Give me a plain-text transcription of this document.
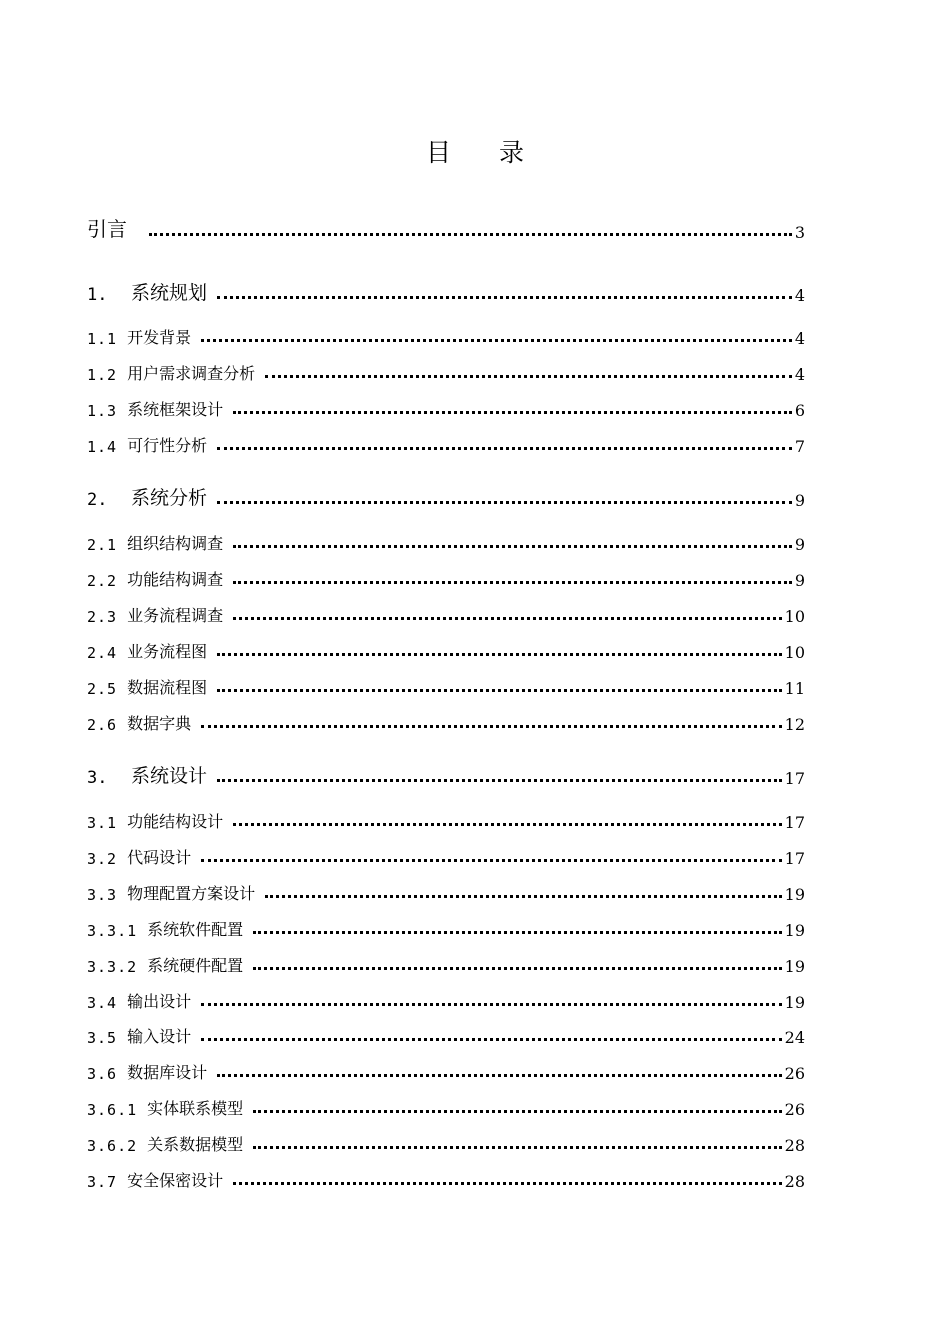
目 录
引言	3
1.	系统规划	4
1.1 开发背景	4
1.2 用户需求调查分析	4
1.3 系统框架设计	6
1.4 可行性分析	7
2.	系统分析	9
2.1 组织结构调查	9
2.2 功能结构调查	9
2.3 业务流程调查	10
2.4 业务流程图	10
2.5 数据流程图	11
2.6 数据字典	12
3.	系统设计	17
3.1 功能结构设计	17
3.2 代码设计	17
3.3 物理配置方案设计	19
3.3.1 系统软件配置	19
3.3.2 系统硬件配置	19
3.4 输出设计	19
3.5 输入设计	24
3.6 数据库设计	26
3.6.1 实体联系模型	26
3.6.2 关系数据模型	28
3.7 安全保密设计	28
